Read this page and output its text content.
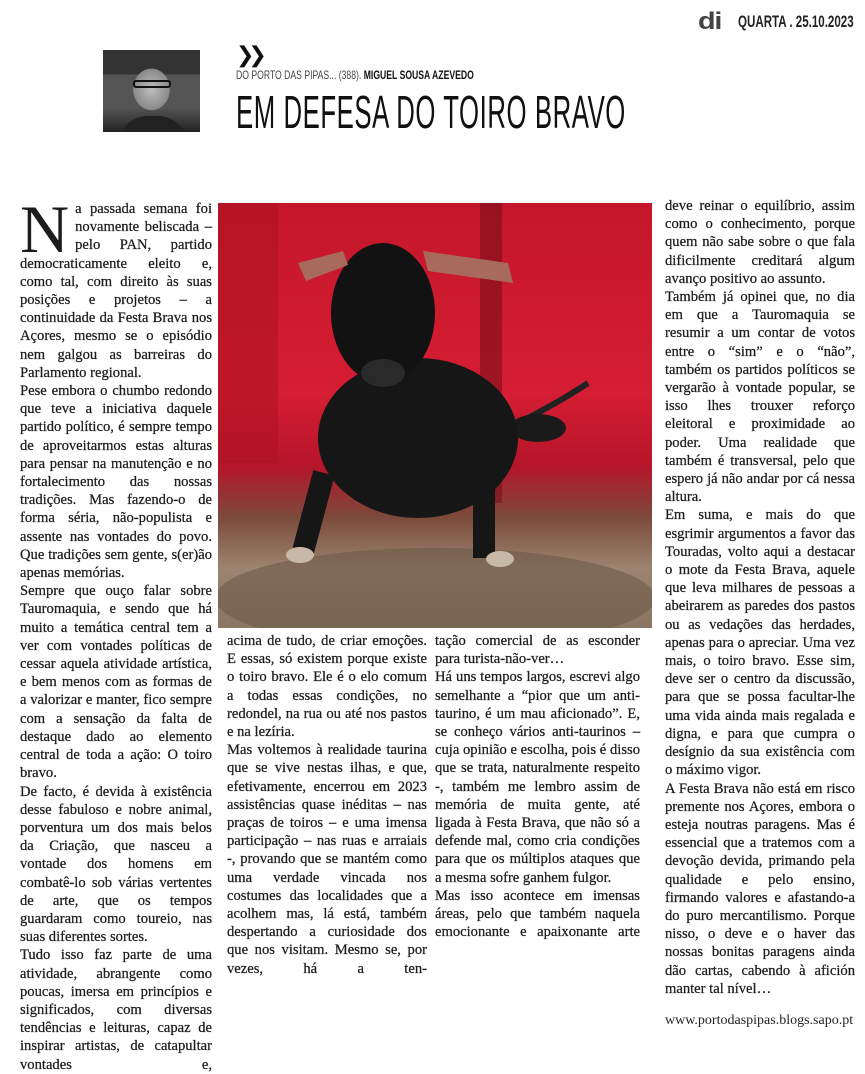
di QUARTA . 25.10.2023
❯❯
DO PORTO DAS PIPAS... (388). MIGUEL SOUSA AZEVEDO
EM DEFESA DO TOIRO BRAVO

Na passada semana foi novamente beliscada – pelo PAN, partido democraticamente eleito e, como tal, com direito às suas posições e projetos – a continuidade da Festa Brava nos Açores, mesmo se o episódio nem galgou as barreiras do Parlamento regional.

Pese embora o chumbo redondo que teve a iniciativa daquele partido político, é sempre tempo de aproveitarmos estas alturas para pensar na manutenção e no fortalecimento das nossas tradições. Mas fazendo-o de forma séria, não-populista e assente nas vontades do povo. Que tradições sem gente, s(er)ão apenas memórias.

Sempre que ouço falar sobre Tauromaquia, e sendo que há muito a temática central tem a ver com vontades políticas de cessar aquela atividade artística, e bem menos com as formas de a valorizar e manter, fico sempre com a sensação da falta de destaque dado ao elemento central de toda a ação: O toiro bravo.

De facto, é devida à existência desse fabuloso e nobre animal, porventura um dos mais belos da Criação, que nasceu a vontade dos homens em combatê-lo sob várias vertentes de arte, que os tempos guardaram como toureio, nas suas diferentes sortes.

Tudo isso faz parte de uma atividade, abrangente como poucas, imersa em princípios e significados, com diversas tendências e leituras, capaz de inspirar artistas, de catapultar vontades e,

acima de tudo, de criar emoções. E essas, só existem porque existe o toiro bravo. Ele é o elo comum a todas essas condições, no redondel, na rua ou até nos pastos e na lezíria.

Mas voltemos à realidade taurina que se vive nestas ilhas, e que, efetivamente, encerrou em 2023 assistências quase inéditas – nas praças de toiros – e uma imensa participação – nas ruas e arraiais -, provando que se mantém como uma verdade vincada nos costumes das localidades que a acolhem mas, lá está, também despertando a curiosidade dos que nos visitam. Mesmo se, por vezes, há a ten-

tação comercial de as esconder para turista-não-ver…

Há uns tempos largos, escrevi algo semelhante a “pior que um anti-taurino, é um mau aficionado”. E, se conheço vários anti-taurinos – cuja opinião e escolha, pois é disso que se trata, naturalmente respeito -, também me lembro assim de memória de muita gente, até ligada à Festa Brava, que não só a defende mal, como cria condições para que os múltiplos ataques que a mesma sofre ganhem fulgor.

Mas isso acontece em imensas áreas, pelo que também naquela emocionante e apaixonante arte

deve reinar o equilíbrio, assim como o conhecimento, porque quem não sabe sobre o que fala dificilmente creditará algum avanço positivo ao assunto.

Também já opinei que, no dia em que a Tauromaquia se resumir a um contar de votos entre o “sim” e o “não”, também os partidos políticos se vergarão à vontade popular, se isso lhes trouxer reforço eleitoral e proximidade ao poder. Uma realidade que também é transversal, pelo que espero já não andar por cá nessa altura.

Em suma, e mais do que esgrimir argumentos a favor das Touradas, volto aqui a destacar o mote da Festa Brava, aquele que leva milhares de pessoas a abeirarem as paredes dos pastos ou as vedações das herdades, apenas para o apreciar. Uma vez mais, o toiro bravo. Esse sim, deve ser o centro da discussão, para que se possa facultar-lhe uma vida ainda mais regalada e digna, e para que cumpra o desígnio da sua existência com o máximo vigor.

A Festa Brava não está em risco premente nos Açores, embora o esteja noutras paragens. Mas é essencial que a tratemos com a devoção devida, primando pela qualidade e pelo ensino, firmando valores e afastando-a do puro mercantilismo. Porque nisso, o deve e o haver das nossas bonitas paragens ainda dão cartas, cabendo à afición manter tal nível…

www.portodaspipas.blogs.sapo.pt
